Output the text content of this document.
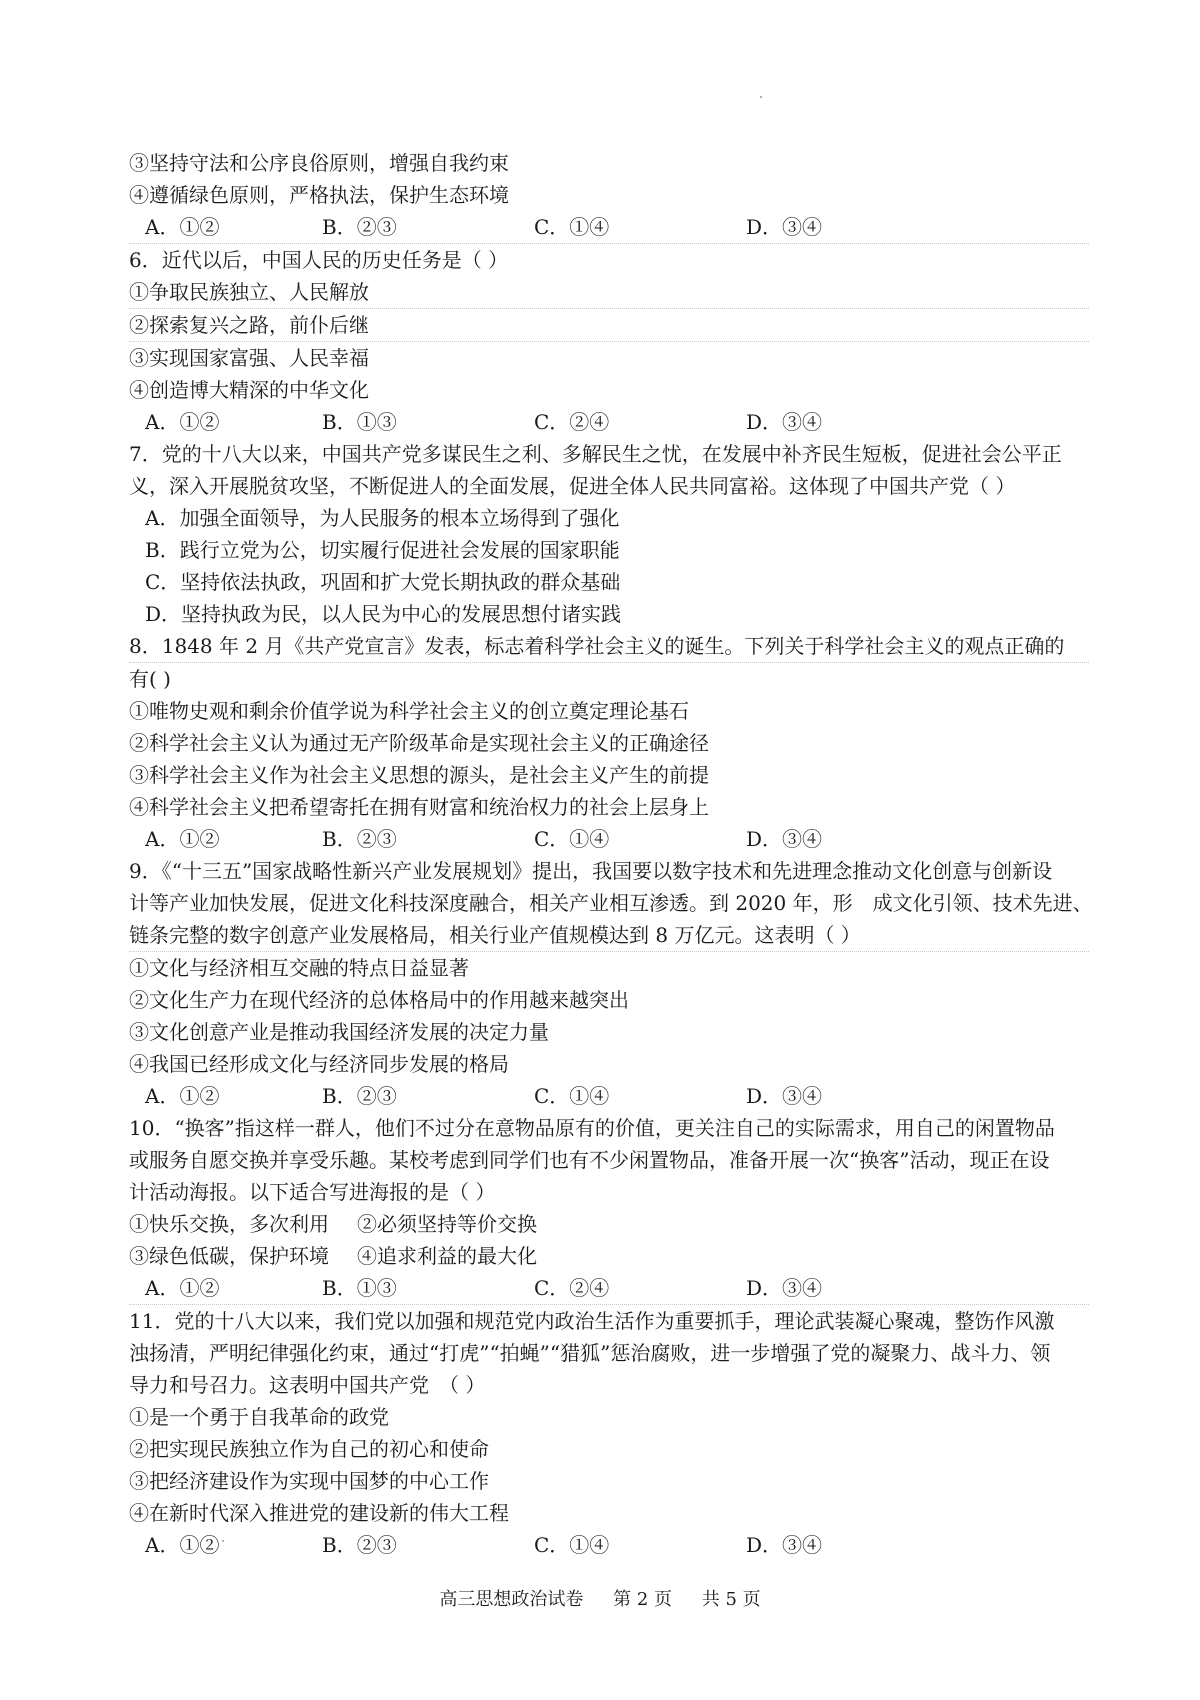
③坚持守法和公序良俗原则，增强自我约束
④遵循绿色原则，严格执法，保护生态环境
A．①②	B．②③	C．①④	D．③④
6．近代以后，中国人民的历史任务是（ ）
①争取民族独立、人民解放
②探索复兴之路，前仆后继
③实现国家富强、人民幸福
④创造博大精深的中华文化
A．①②	B．①③	C．②④	D．③④
7．党的十八大以来，中国共产党多谋民生之利、多解民生之忧，在发展中补齐民生短板，促进社会公平正
义，深入开展脱贫攻坚，不断促进人的全面发展，促进全体人民共同富裕。这体现了中国共产党（ ）
A．加强全面领导，为人民服务的根本立场得到了强化
B．践行立党为公，切实履行促进社会发展的国家职能
C．坚持依法执政，巩固和扩大党长期执政的群众基础
D．坚持执政为民，以人民为中心的发展思想付诸实践
8．1848 年 2 月《共产党宣言》发表，标志着科学社会主义的诞生。下列关于科学社会主义的观点正确的
有( )
①唯物史观和剩余价值学说为科学社会主义的创立奠定理论基石
②科学社会主义认为通过无产阶级革命是实现社会主义的正确途径
③科学社会主义作为社会主义思想的源头，是社会主义产生的前提
④科学社会主义把希望寄托在拥有财富和统治权力的社会上层身上
A．①②	B．②③	C．①④	D．③④
9．《“十三五”国家战略性新兴产业发展规划》提出，我国要以数字技术和先进理念推动文化创意与创新设
计等产业加快发展，促进文化科技深度融合，相关产业相互渗透。到 2020 年，形　成文化引领、技术先进、
链条完整的数字创意产业发展格局，相关行业产值规模达到 8 万亿元。这表明（ ）
①文化与经济相互交融的特点日益显著
②文化生产力在现代经济的总体格局中的作用越来越突出
③文化创意产业是推动我国经济发展的决定力量
④我国已经形成文化与经济同步发展的格局
A．①②	B．②③	C．①④	D．③④
10．“换客”指这样一群人，他们不过分在意物品原有的价值，更关注自己的实际需求，用自己的闲置物品
或服务自愿交换并享受乐趣。某校考虑到同学们也有不少闲置物品，准备开展一次“换客”活动，现正在设
计活动海报。以下适合写进海报的是（ ）
①快乐交换，多次利用 ②必须坚持等价交换
③绿色低碳，保护环境 ④追求利益的最大化
A．①②	B．①③	C．②④	D．③④
11．党的十八大以来，我们党以加强和规范党内政治生活作为重要抓手，理论武装凝心聚魂，整饬作风激
浊扬清，严明纪律强化约束，通过“打虎”“拍蝇”“猎狐”惩治腐败，进一步增强了党的凝聚力、战斗力、领
导力和号召力。这表明中国共产党　（ ）
①是一个勇于自我革命的政党
②把实现民族独立作为自己的初心和使命
③把经济建设作为实现中国梦的中心工作
④在新时代深入推进党的建设新的伟大工程
A．①②	B．②③	C．①④	D．③④
高三思想政治试卷 第 2 页 共 5 页
